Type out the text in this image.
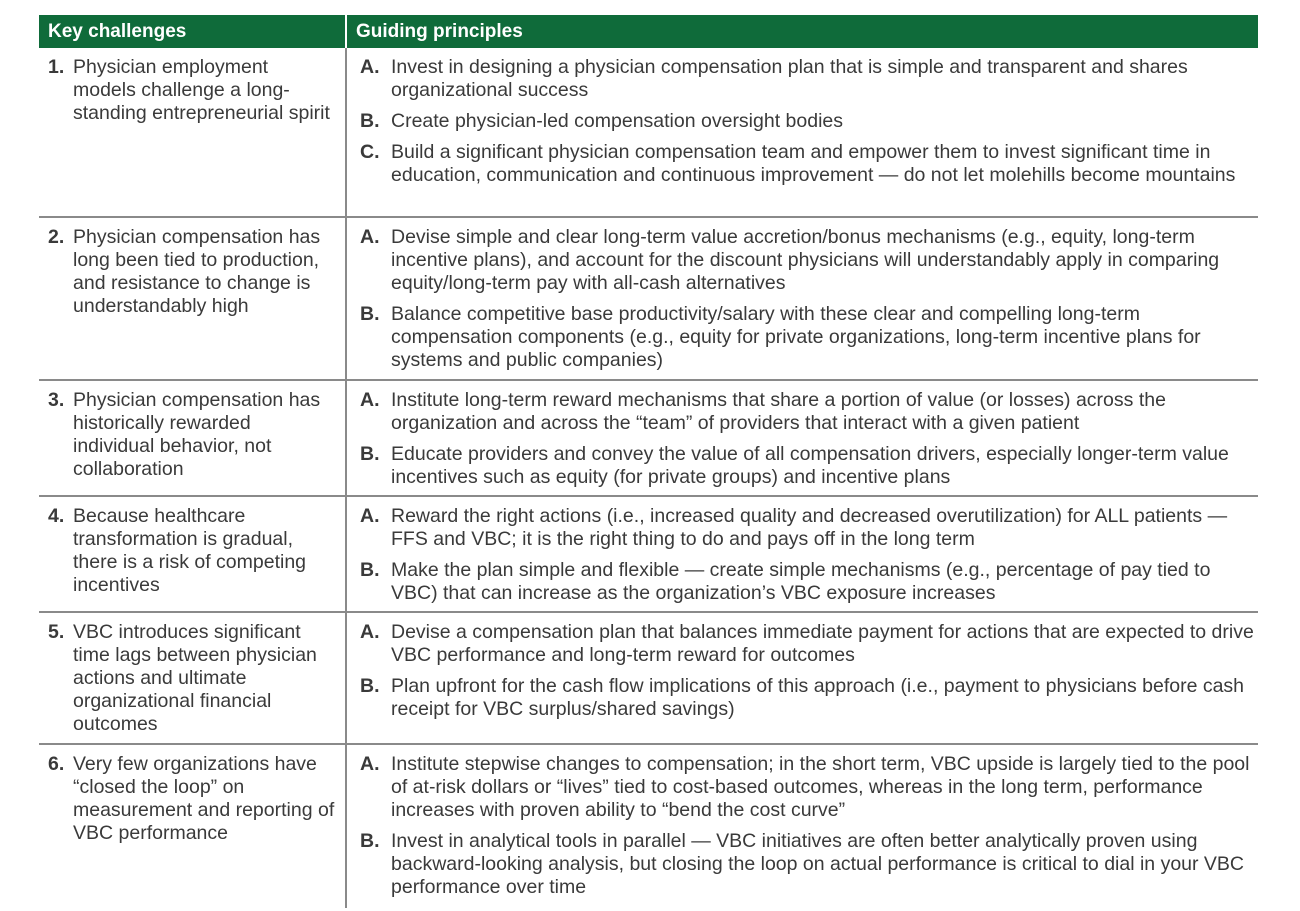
Key challenges	Guiding principles
1. Physician employment models challenge a long-standing entrepreneurial spirit
A. Invest in designing a physician compensation plan that is simple and transparent and shares organizational success
B. Create physician-led compensation oversight bodies
C. Build a significant physician compensation team and empower them to invest significant time in education, communication and continuous improvement — do not let molehills become mountains
2. Physician compensation has long been tied to production, and resistance to change is understandably high
A. Devise simple and clear long-term value accretion/bonus mechanisms (e.g., equity, long-term incentive plans), and account for the discount physicians will understandably apply in comparing equity/long-term pay with all-cash alternatives
B. Balance competitive base productivity/salary with these clear and compelling long-term compensation components (e.g., equity for private organizations, long-term incentive plans for systems and public companies)
3. Physician compensation has historically rewarded individual behavior, not collaboration
A. Institute long-term reward mechanisms that share a portion of value (or losses) across the organization and across the “team” of providers that interact with a given patient
B. Educate providers and convey the value of all compensation drivers, especially longer-term value incentives such as equity (for private groups) and incentive plans
4. Because healthcare transformation is gradual, there is a risk of competing incentives
A. Reward the right actions (i.e., increased quality and decreased overutilization) for ALL patients — FFS and VBC; it is the right thing to do and pays off in the long term
B. Make the plan simple and flexible — create simple mechanisms (e.g., percentage of pay tied to VBC) that can increase as the organization’s VBC exposure increases
5. VBC introduces significant time lags between physician actions and ultimate organizational financial outcomes
A. Devise a compensation plan that balances immediate payment for actions that are expected to drive VBC performance and long-term reward for outcomes
B. Plan upfront for the cash flow implications of this approach (i.e., payment to physicians before cash receipt for VBC surplus/shared savings)
6. Very few organizations have “closed the loop” on measurement and reporting of VBC performance
A. Institute stepwise changes to compensation; in the short term, VBC upside is largely tied to the pool of at-risk dollars or “lives” tied to cost-based outcomes, whereas in the long term, performance increases with proven ability to “bend the cost curve”
B. Invest in analytical tools in parallel — VBC initiatives are often better analytically proven using backward-looking analysis, but closing the loop on actual performance is critical to dial in your VBC performance over time
